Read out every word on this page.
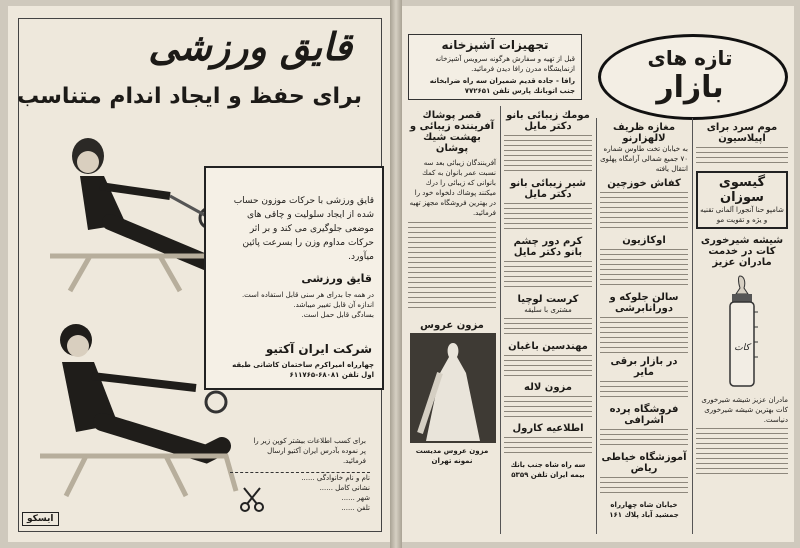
قایق ورزشی
برای حفظ و ایجاد اندام متناسب
قایق ورزشی با حرکات موزون حساب شده از ایجاد سلولیت و چاقی های موضعی جلوگیری می کند و بر اثر حرکات مداوم وزن را بسرعت پائین میآورد.
قایق ورزشی

در همه جا بدرای هر سنی قابل استفاده است.

اندازه آن قابل تغییر میباشد.

بسادگی قابل حمل است.

شرکت ایران آکتیو
چهارراه امیراکرم ساختمان کاشانی طبقه اول تلفن ۶۸۰۸۱-۶۱۱۷۶۵
برای کسب اطلاعات بیشتر کوپن زیر را پر نموده بآدرس ایران آکتیو ارسال فرمائید.
نام و نام خانوادگی ......
نشانی کامل ......
شهر ......
تلفن ......
ایسکو
تازه های
بازار
تجهیزات آشپزخانه
قبل از تهیه و سفارش هرگونه سرویس آشپزخانه ازنمایشگاه مدرن رافا دیدن فرمائید.
رافا - جاده قدیم شمیران سه راه ضرابخانه جنب اتوبانك پارس تلفن ۷۷۲۶۵۱
قصر پوشاك آفریننده زیبائی و بهشت شیك پوشان
آفرینندگان زیبائی بعد سه نسبت عمر بانوان به کمك بانوانی که زیبائی را درك میکنند پوشاك دلخواه خود را در بهترین فروشگاه مجهز تهیه فرمائید.
مزون عروس
مزون عروس مدیست نمونه تهران
مومك زیبائی بانو دکتر مایل
شیر زیبائی بانو دکتر مایل
کرم دور چشم بانو دکتر مایل
کرست لوچیا
مشتری با سلیقه
مهندسین باغبان
مزون لاله
اطلاعیه کارول
سه راه شاه جنب بانك بیمه ایران تلفن ۵۳۵۹
مغازه ظریف لالهزارنو
به خیابان تخت طاوس شماره ۷۰ جمیع شمالی آرامگاه پهلوی انتقال یافته
کفاش خوزچین
اوکازیون
سالن جلوكه و دورانابرشی
در بازار برقی مایر
فروشگاه پرده اشرافی
آموزشگاه خیاطی ریاض
خیابان شاه چهارراه جمشید آباد پلاك ۱۶۱
موم سرد برای اپیلاسیون
گیسوی سوزان
شامپو حنا آنجورا آلمانی تقنیه و یژه و تقویت مو
شیشه شیرخوری کات در خدمت مادران عزیز
کات
مادران عزیز شیشه شیرخوری کات بهترین شیشه شیرخوری دنیاست.
